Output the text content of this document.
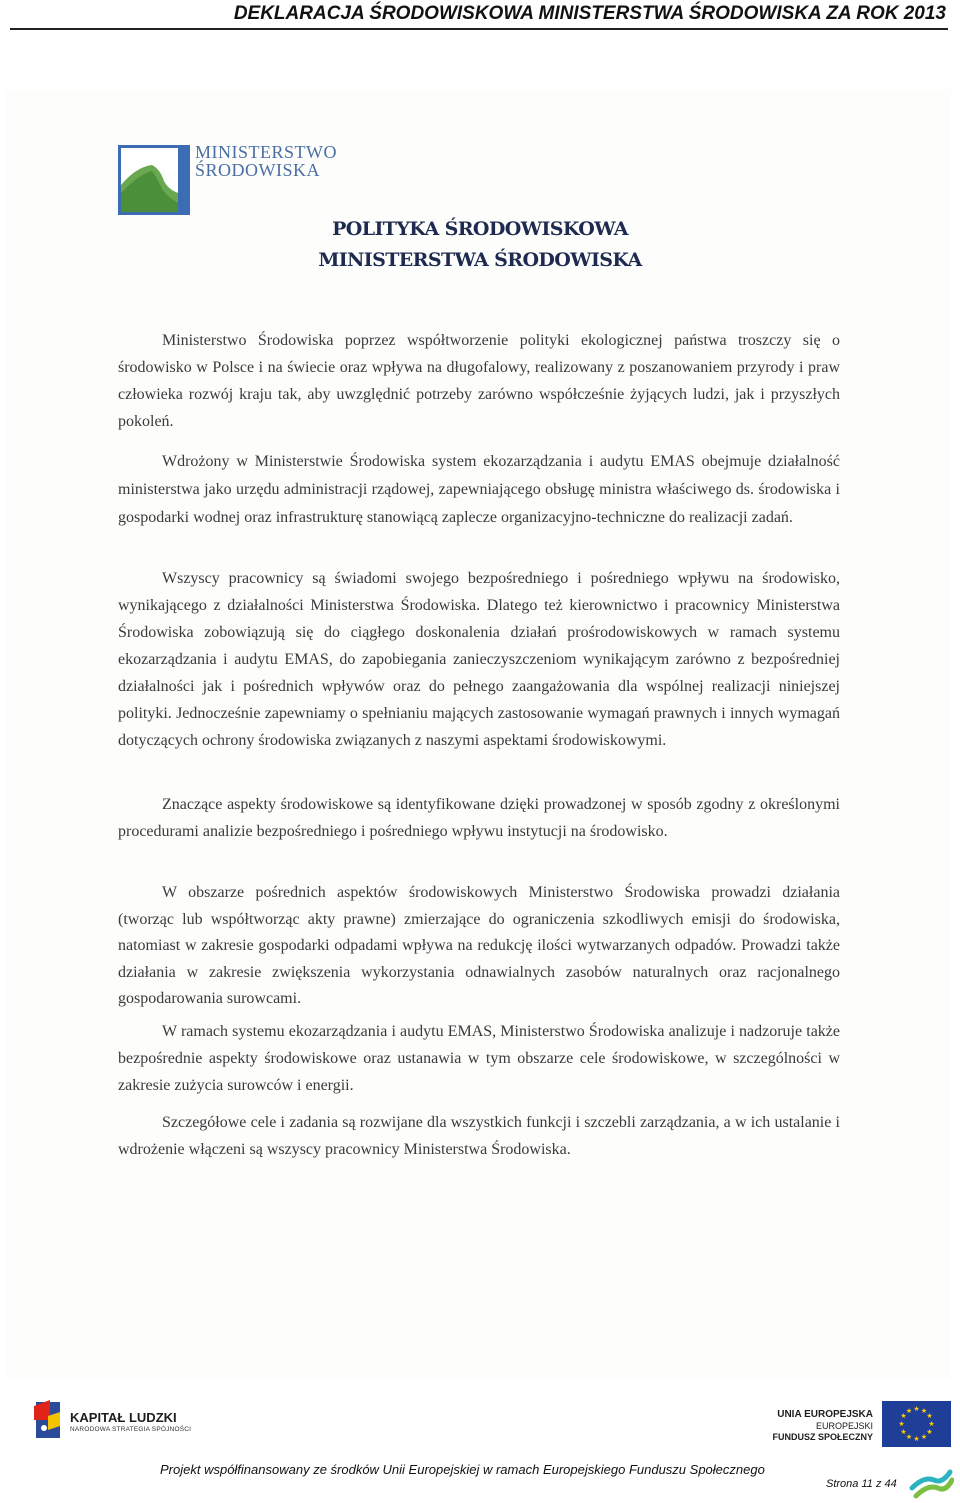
DEKLARACJA ŚRODOWISKOWA MINISTERSTWA ŚRODOWISKA ZA ROK 2013
MINISTERSTWO
ŚRODOWISKA
POLITYKA ŚRODOWISKOWA
MINISTERSTWA ŚRODOWISKA

Ministerstwo Środowiska poprzez współtworzenie polityki ekologicznej państwa troszczy się o środowisko w Polsce i na świecie oraz wpływa na długofalowy, realizowany z poszanowaniem przyrody i praw człowieka rozwój kraju tak, aby uwzględnić potrzeby zarówno współcześnie żyjących ludzi, jak i przyszłych pokoleń.

Wdrożony w Ministerstwie Środowiska system ekozarządzania i audytu EMAS obejmuje działalność ministerstwa jako urzędu administracji rządowej, zapewniającego obsługę ministra właściwego ds. środowiska i gospodarki wodnej oraz infrastrukturę stanowiącą zaplecze organizacyjno-techniczne do realizacji zadań.

Wszyscy pracownicy są świadomi swojego bezpośredniego i pośredniego wpływu na środowisko, wynikającego z działalności Ministerstwa Środowiska. Dlatego też kierownictwo i pracownicy Ministerstwa Środowiska zobowiązują się do ciągłego doskonalenia działań prośrodowiskowych w ramach systemu ekozarządzania i audytu EMAS, do zapobiegania zanieczyszczeniom wynikającym zarówno z bezpośredniej działalności jak i pośrednich wpływów oraz do pełnego zaangażowania dla wspólnej realizacji niniejszej polityki. Jednocześnie zapewniamy o spełnianiu mających zastosowanie wymagań prawnych i innych wymagań dotyczących ochrony środowiska związanych z naszymi aspektami środowiskowymi.

Znaczące aspekty środowiskowe są identyfikowane dzięki prowadzonej w sposób zgodny z określonymi procedurami analizie bezpośredniego i pośredniego wpływu instytucji na środowisko.

W obszarze pośrednich aspektów środowiskowych Ministerstwo Środowiska prowadzi działania (tworząc lub współtworząc akty prawne) zmierzające do ograniczenia szkodliwych emisji do środowiska, natomiast w zakresie gospodarki odpadami wpływa na redukcję ilości wytwarzanych odpadów. Prowadzi także działania w zakresie zwiększenia wykorzystania odnawialnych zasobów naturalnych oraz racjonalnego gospodarowania surowcami.

W ramach systemu ekozarządzania i audytu EMAS, Ministerstwo Środowiska analizuje i nadzoruje także bezpośrednie aspekty środowiskowe oraz ustanawia w tym obszarze cele środowiskowe, w szczególności w zakresie zużycia surowców i energii.

Szczegółowe cele i zadania są rozwijane dla wszystkich funkcji i szczebli zarządzania, a w ich ustalanie i wdrożenie włączeni są wszyscy pracownicy Ministerstwa Środowiska.

KAPITAŁ LUDZKI
NARODOWA STRATEGIA SPÓJNOŚCI
UNIA EUROPEJSKA
EUROPEJSKI
FUNDUSZ SPOŁECZNY
★ ★
★
★
★
★
★
★
★
★
★
★
Projekt współfinansowany ze środków Unii Europejskiej w ramach Europejskiego Funduszu Społecznego
Strona 11 z 44
